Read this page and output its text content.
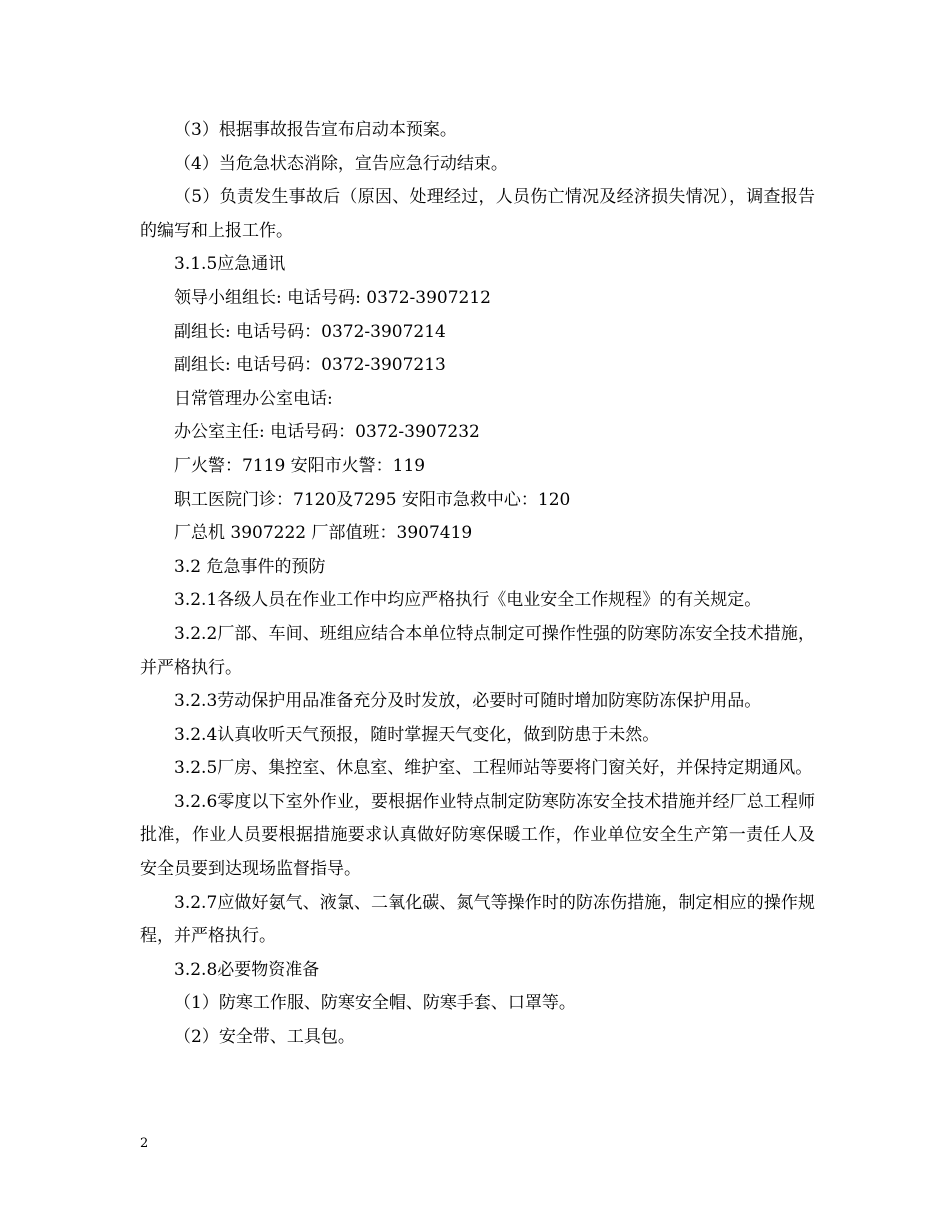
（3）根据事故报告宣布启动本预案。

（4）当危急状态消除，宣告应急行动结束。

（5）负责发生事故后（原因、处理经过，人员伤亡情况及经济损失情况），调查报告的编写和上报工作。

3.1.5应急通讯

领导小组组长: 电话号码: 0372-3907212

副组长: 电话号码：0372-3907214

副组长: 电话号码：0372-3907213

日常管理办公室电话:

办公室主任: 电话号码：0372-3907232

厂火警：7119 安阳市火警：119

职工医院门诊：7120及7295 安阳市急救中心：120

厂总机 3907222 厂部值班：3907419

3.2 危急事件的预防

3.2.1各级人员在作业工作中均应严格执行《电业安全工作规程》的有关规定。

3.2.2厂部、车间、班组应结合本单位特点制定可操作性强的防寒防冻安全技术措施，并严格执行。

3.2.3劳动保护用品准备充分及时发放，必要时可随时增加防寒防冻保护用品。

3.2.4认真收听天气预报，随时掌握天气变化，做到防患于未然。

3.2.5厂房、集控室、休息室、维护室、工程师站等要将门窗关好，并保持定期通风。

3.2.6零度以下室外作业，要根据作业特点制定防寒防冻安全技术措施并经厂总工程师批准，作业人员要根据措施要求认真做好防寒保暖工作，作业单位安全生产第一责任人及安全员要到达现场监督指导。

3.2.7应做好氨气、液氯、二氧化碳、氮气等操作时的防冻伤措施，制定相应的操作规程，并严格执行。

3.2.8必要物资准备

（1）防寒工作服、防寒安全帽、防寒手套、口罩等。

（2）安全带、工具包。

2
